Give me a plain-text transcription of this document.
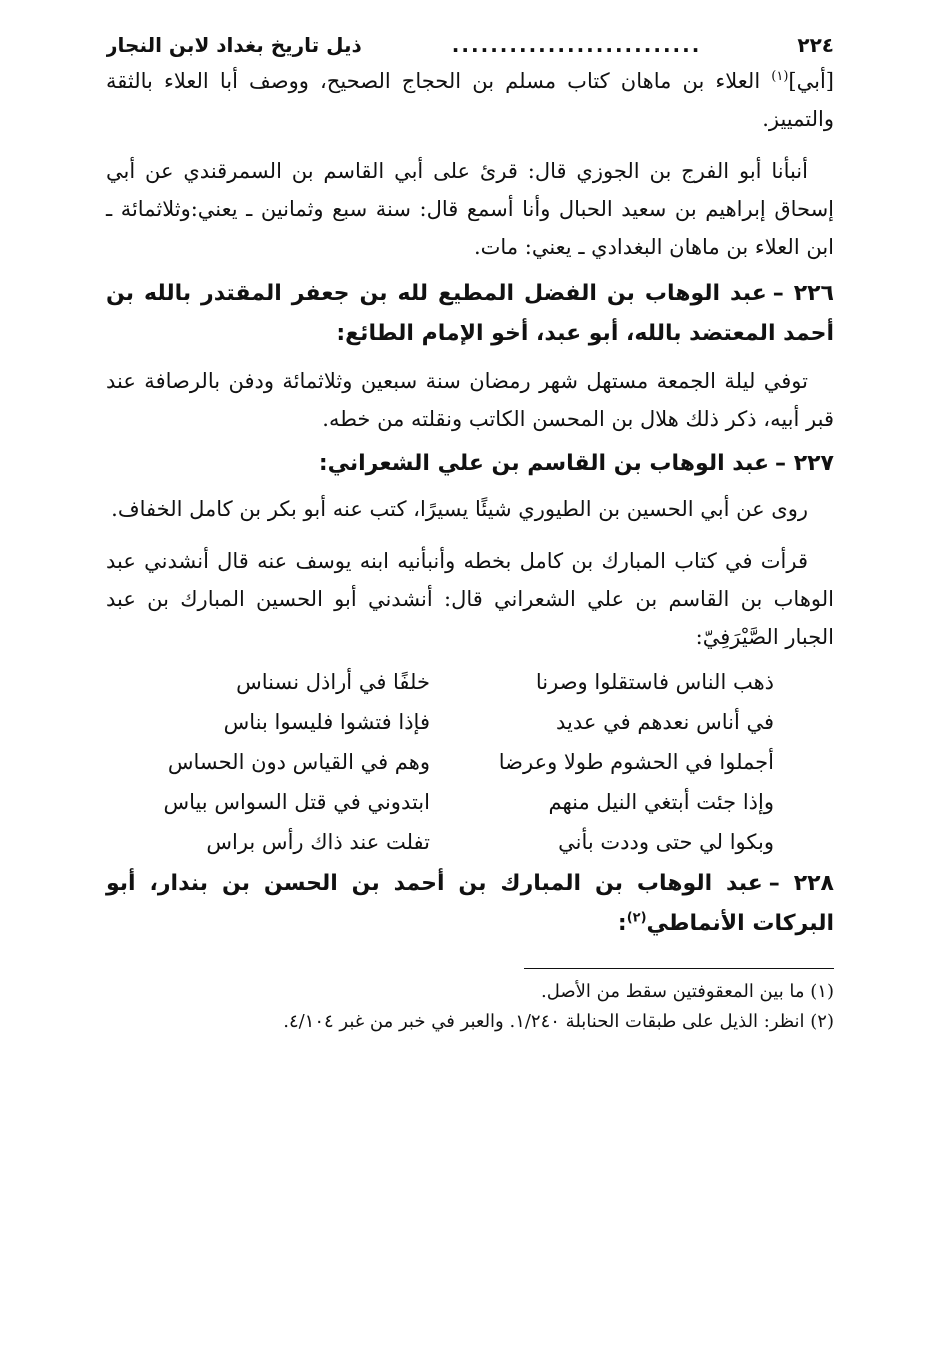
٢٢٤
..........................
ذيل تاريخ بغداد لابن النجار

[أبي]$^{(١)}$ العلاء بن ماهان كتاب مسلم بن الحجاج الصحيح، ووصف أبا العلاء بالثقة والتمييز.

أنبأنا أبو الفرج بن الجوزي قال: قرئ على أبي القاسم بن السمرقندي عن أبي إسحاق إبراهيم بن سعيد الحبال وأنا أسمع قال: سنة سبع وثمانين ـ يعني:وثلاثمائة ـ ابن العلاء بن ماهان البغدادي ـ يعني: مات.

٢٢٦ –عبد الوهاب بن الفضل المطيع لله بن جعفر المقتدر بالله بن أحمد المعتضد بالله، أبو عبد، أخو الإمام الطائع:

توفي ليلة الجمعة مستهل شهر رمضان سنة سبعين وثلاثمائة ودفن بالرصافة عند قبر أبيه، ذكر ذلك هلال بن المحسن الكاتب ونقلته من خطه.

٢٢٧ –عبد الوهاب بن القاسم بن علي الشعراني:

روى عن أبي الحسين بن الطيوري شيئًا يسيرًا، كتب عنه أبو بكر بن كامل الخفاف.

قرأت في كتاب المبارك بن كامل بخطه وأنبأنيه ابنه يوسف عنه قال أنشدني عبد الوهاب بن القاسم بن علي الشعراني قال: أنشدني أبو الحسين المبارك بن عبد الجبار الصَّيْرَفِيّ:

ذهب الناس فاستقلوا وصرنا
خلفًا في أراذل نسناس
في أناس نعدهم في عديد
فإذا فتشوا فليسوا بناس
أجملوا في الحشوم طولا وعرضا
وهم في القياس دون الحساس
وإذا جئت أبتغي النيل منهم
ابتدوني في قتل السواس بياس
وبكوا لي حتى وددت بأني
تفلت عند ذاك رأس براس
٢٢٨ –عبد الوهاب بن المبارك بن أحمد بن الحسن بن بندار، أبو البركات الأنماطي$^{(٢)}$:
(١) ما بين المعقوفتين سقط من الأصل.
(٢) انظر: الذيل على طبقات الحنابلة ١/٢٤٠. والعبر في خبر من غبر ٤/١٠٤.
